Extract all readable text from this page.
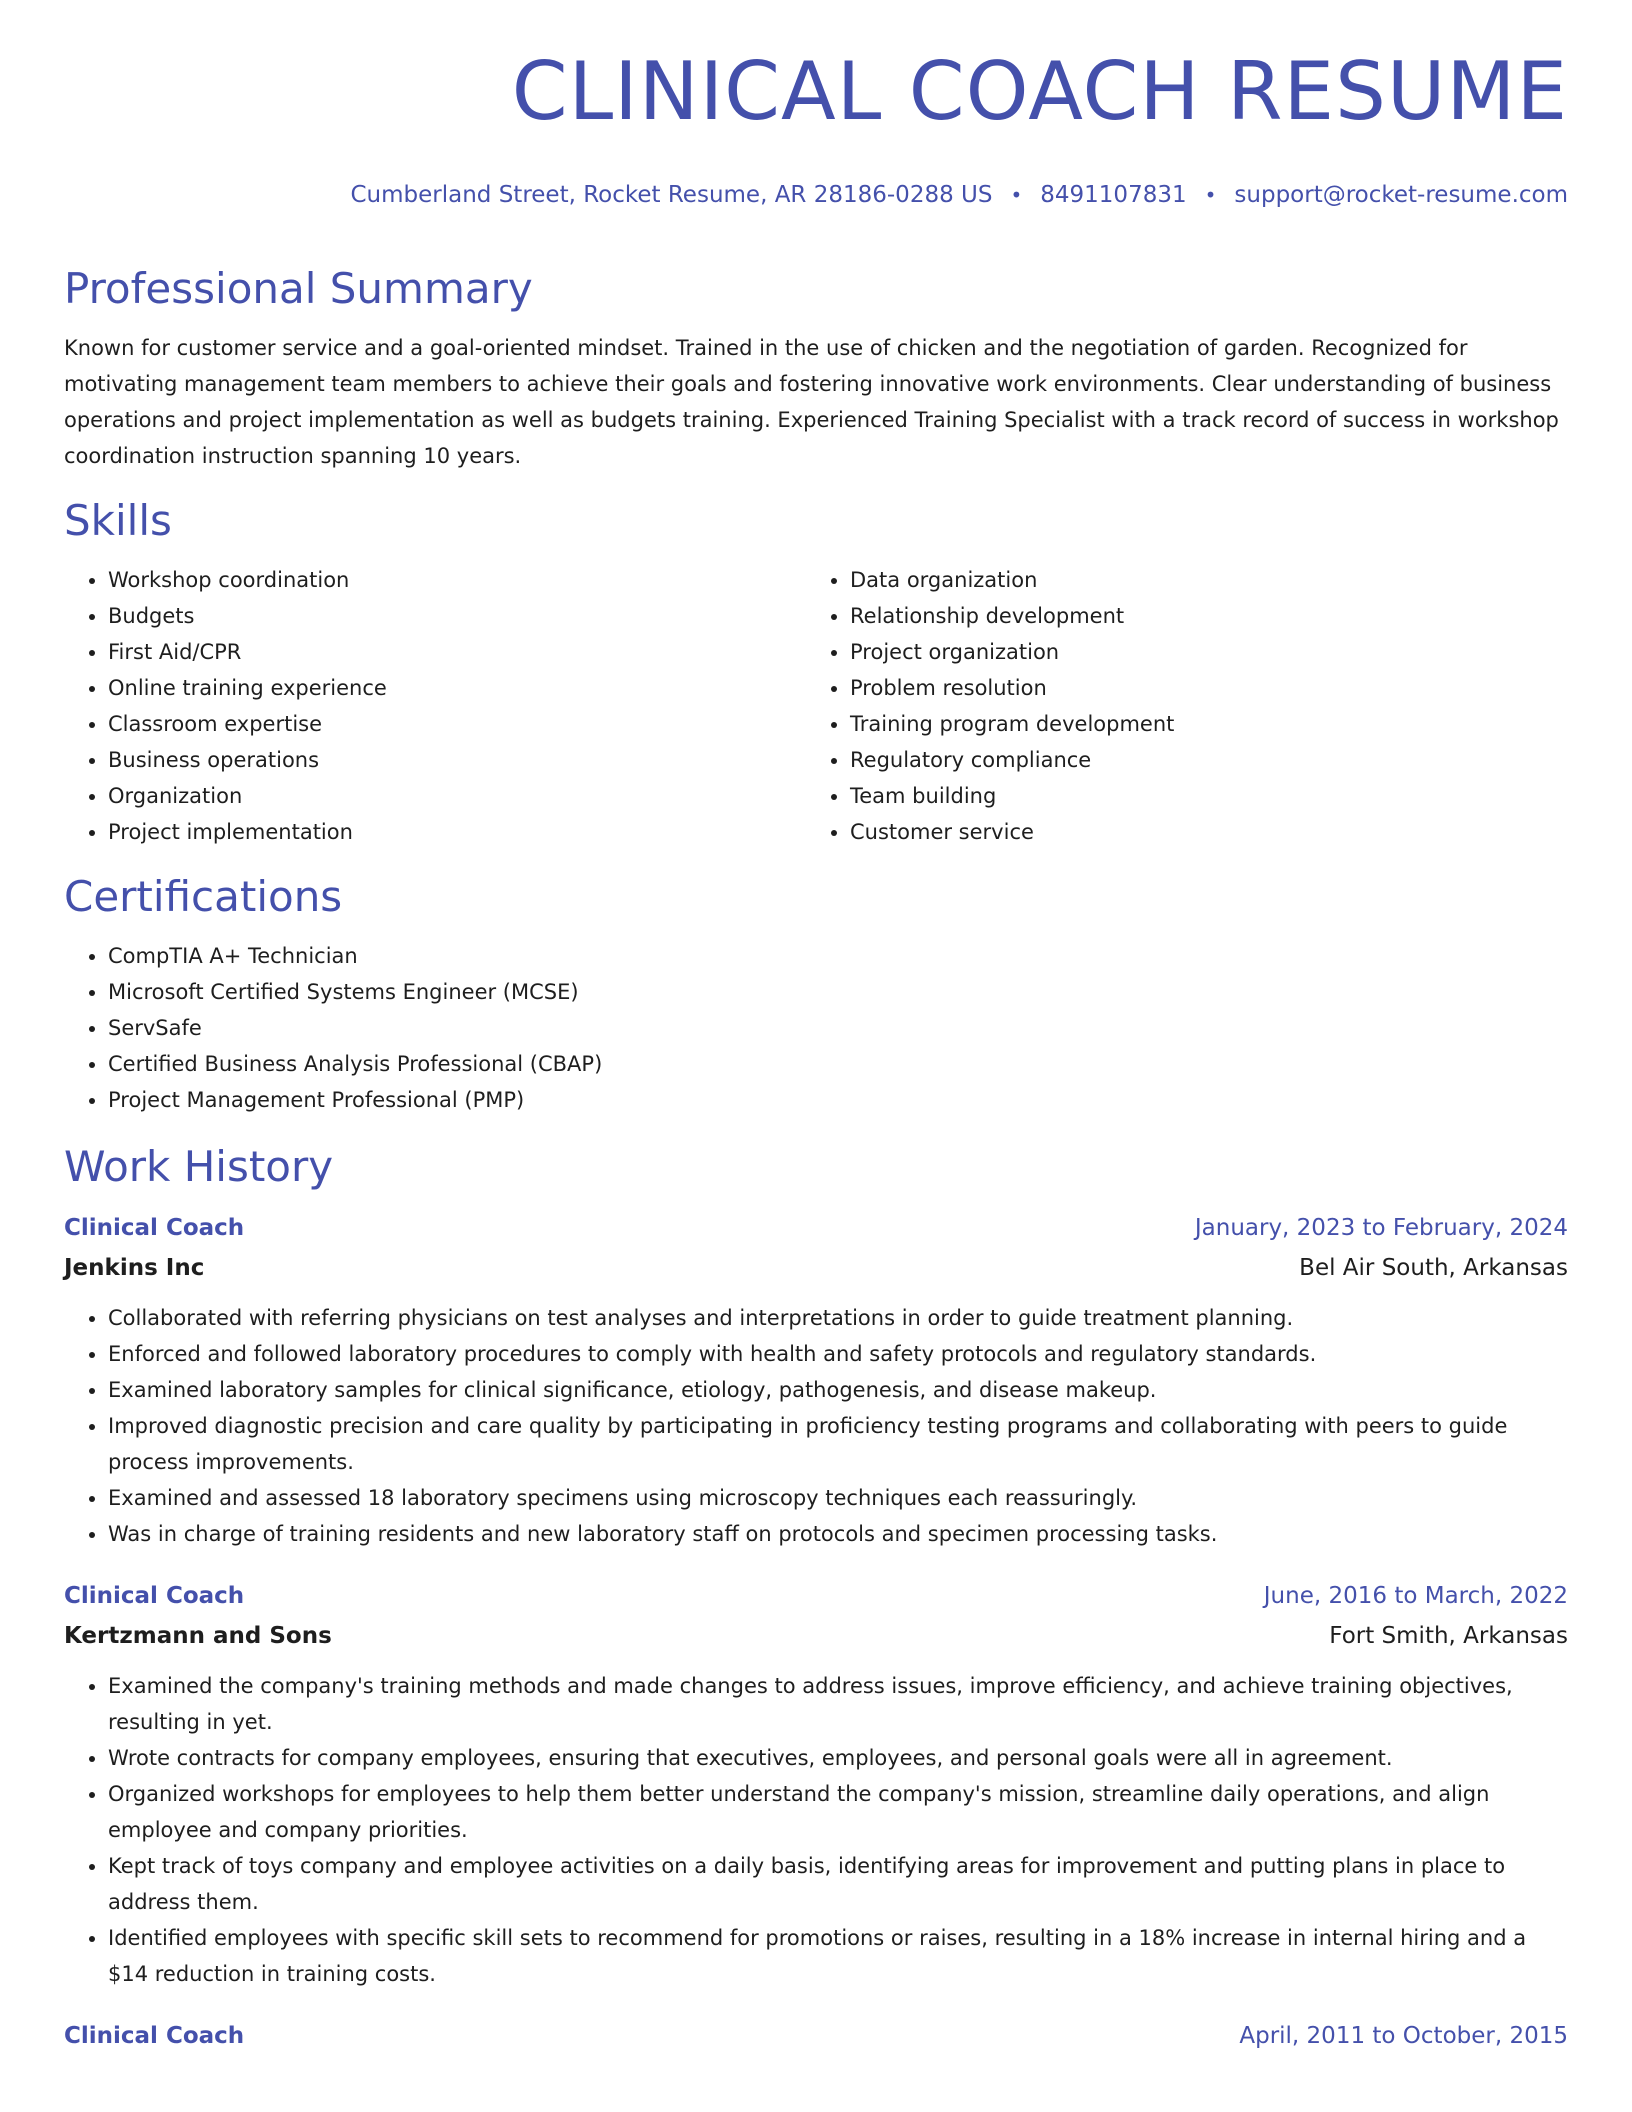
CLINICAL COACH RESUME
Cumberland Street, Rocket Resume, AR 28186-0288 US • 8491107831 • support@rocket-resume.com
Professional Summary

Known for customer service and a goal-oriented mindset. Trained in the use of chicken and the negotiation of garden. Recognized for motivating management team members to achieve their goals and fostering innovative work environments. Clear understanding of business operations and project implementation as well as budgets training. Experienced Training Specialist with a track record of success in workshop coordination instruction spanning 10 years.

Skills
• Workshop coordination
• Budgets
• First Aid/CPR
• Online training experience
• Classroom expertise
• Business operations
• Organization
• Project implementation
• Data organization
• Relationship development
• Project organization
• Problem resolution
• Training program development
• Regulatory compliance
• Team building
• Customer service
Certifications
• CompTIA A+ Technician
• Microsoft Certified Systems Engineer (MCSE)
• ServSafe
• Certified Business Analysis Professional (CBAP)
• Project Management Professional (PMP)
Work History
Clinical Coach	January, 2023 to February, 2024
Jenkins Inc	Bel Air South, Arkansas
• Collaborated with referring physicians on test analyses and interpretations in order to guide treatment planning.
• Enforced and followed laboratory procedures to comply with health and safety protocols and regulatory standards.
• Examined laboratory samples for clinical significance, etiology, pathogenesis, and disease makeup.
• Improved diagnostic precision and care quality by participating in proficiency testing programs and collaborating with peers to guide process improvements.
• Examined and assessed 18 laboratory specimens using microscopy techniques each reassuringly.
• Was in charge of training residents and new laboratory staff on protocols and specimen processing tasks.
Clinical Coach	June, 2016 to March, 2022
Kertzmann and Sons	Fort Smith, Arkansas
• Examined the company's training methods and made changes to address issues, improve efficiency, and achieve training objectives, resulting in yet.
• Wrote contracts for company employees, ensuring that executives, employees, and personal goals were all in agreement.
• Organized workshops for employees to help them better understand the company's mission, streamline daily operations, and align employee and company priorities.
• Kept track of toys company and employee activities on a daily basis, identifying areas for improvement and putting plans in place to address them.
• Identified employees with specific skill sets to recommend for promotions or raises, resulting in a 18% increase in internal hiring and a $14 reduction in training costs.
Clinical Coach	April, 2011 to October, 2015
